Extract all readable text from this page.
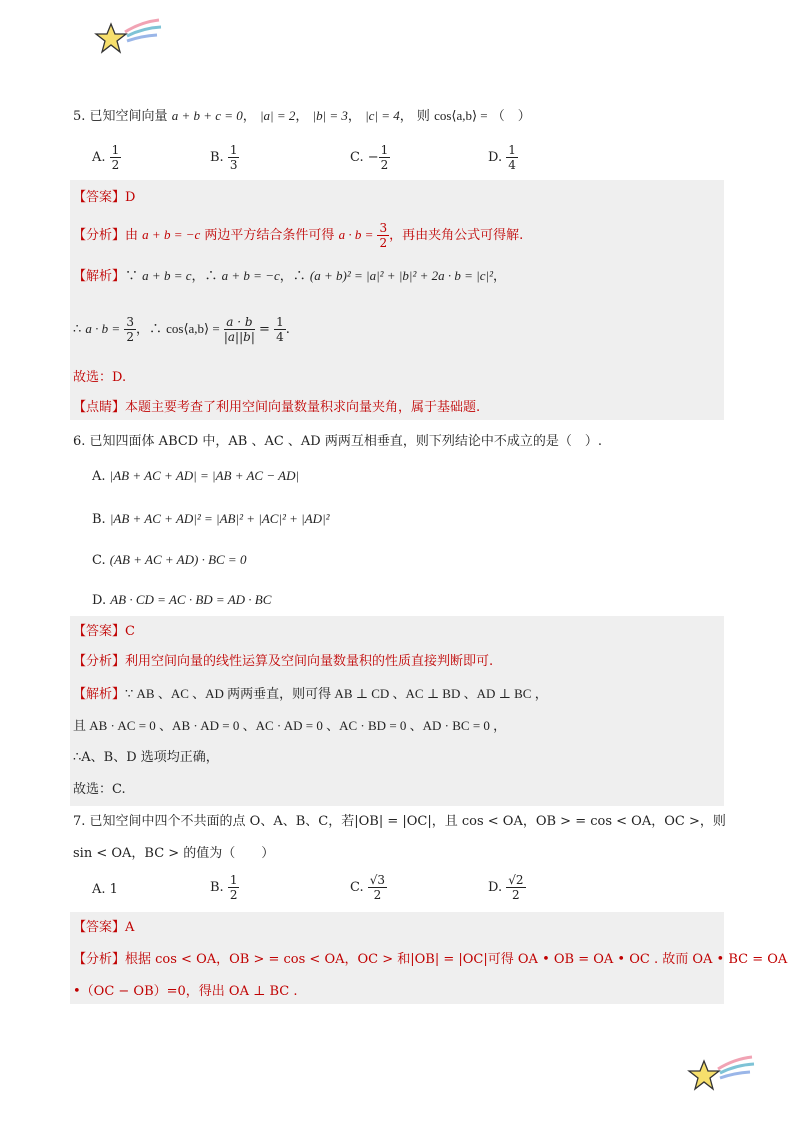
5. 已知空间向量 a + b + c = 0， |a| = 2， |b| = 3， |c| = 4， 则 cos⟨a,b⟩ = （　）
A. $\frac{1}{2}$	B. $\frac{1}{3}$	C. − $\frac{1}{2}$	D. $\frac{1}{4}$
【答案】D
【分析】由 a + b = −c 两边平方结合条件可得 $a \cdot b = \frac{3}{2}$ ，再由夹角公式可得解.
【解析】∵ a + b = c，∴ a + b = −c，∴ (a + b)² = |a|² + |b|² + 2a · b = |c|²，
∴ $a \cdot b = \frac{3}{2}$ ，∴ cos⟨a,b⟩ = $\frac{a \cdot b}{|a||b|} = \frac{1}{4}$ .
故选：D.
【点睛】本题主要考查了利用空间向量数量积求向量夹角，属于基础题.
6. 已知四面体 ABCD 中，AB 、AC 、AD 两两互相垂直，则下列结论中不成立的是（　）.
A. |AB + AC + AD| = |AB + AC − AD|
B. |AB + AC + AD|² = |AB|² + |AC|² + |AD|²
C. (AB + AC + AD) · BC = 0
D. AB · CD = AC · BD = AD · BC
【答案】C
【分析】利用空间向量的线性运算及空间向量数量积的性质直接判断即可.
【解析】∵ AB 、AC 、AD 两两垂直，则可得 AB ⊥ CD 、AC ⊥ BD 、AD ⊥ BC ，
且 AB · AC = 0 、AB · AD = 0 、AC · AD = 0 、AC · BD = 0 、AD · BC = 0 ，
∴A、B、D 选项均正确，
故选：C.
7. 已知空间中四个不共面的点 O、A、B、C，若|OB| = |OC|，且 cos < OA，OB > = cos < OA，OC >，则
sin < OA，BC > 的值为（　　）
A. 1	B. $\frac{1}{2}$	C. $\frac{√3}{2}$	D. $\frac{√2}{2}$
【答案】A
【分析】根据 cos < OA，OB > = cos < OA，OC > 和|OB| = |OC|可得 OA • OB = OA • OC . 故而 OA • BC = OA
•（OC − OB）=0，得出 OA ⊥ BC .
